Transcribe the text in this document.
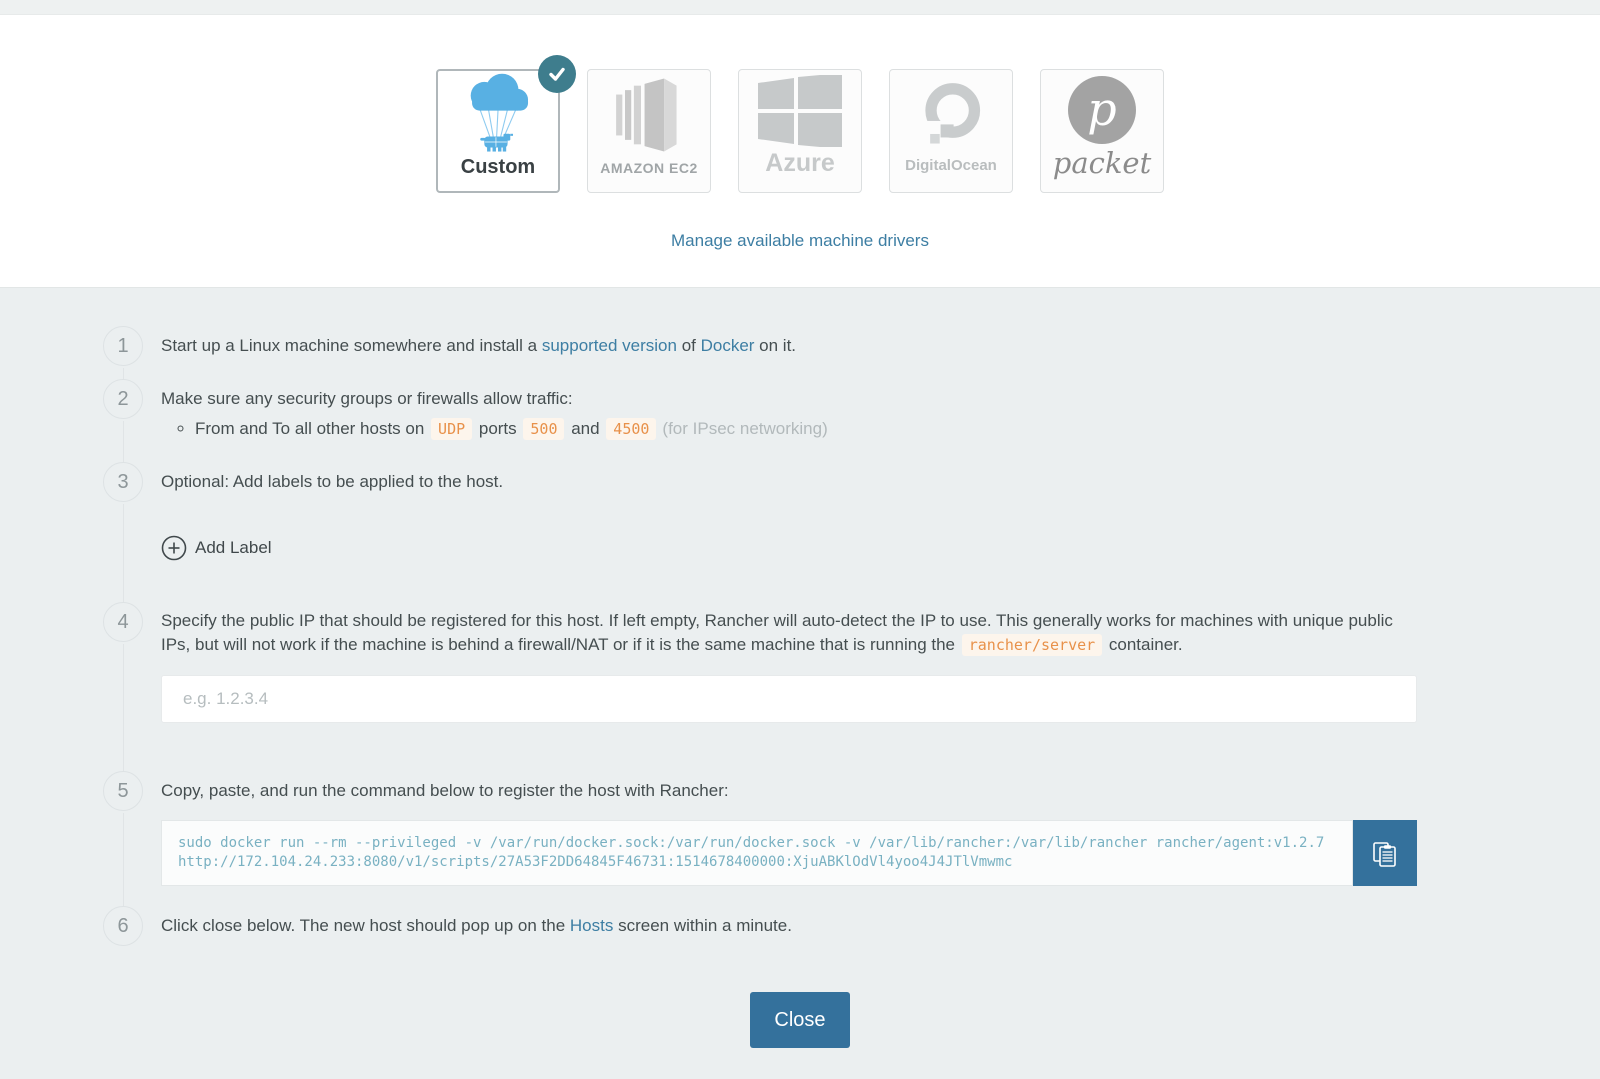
Custom	AMAZON EC2	Azure	DigitalOcean
p
packet
Manage available machine drivers
1	Start up a Linux machine somewhere and install a supported version of Docker on it.
2	Make sure any security groups or firewalls allow traffic:
◦ From and To all other hosts on UDP ports 500 and 4500 (for IPsec networking)
3	Optional: Add labels to be applied to the host.
Add Label
4	Specify the public IP that should be registered for this host. If left empty, Rancher will auto-detect the IP to use. This generally works for machines with unique public IPs, but will not work if the machine is behind a firewall/NAT or if it is the same machine that is running the rancher/server container.
e.g. 1.2.3.4
5	Copy, paste, and run the command below to register the host with Rancher:
sudo docker run --rm --privileged -v /var/run/docker.sock:/var/run/docker.sock -v /var/lib/rancher:/var/lib/rancher rancher/agent:v1.2.7 http://172.104.24.233:8080/v1/scripts/27A53F2DD64845F46731:1514678400000:XjuABKlOdVl4yoo4J4JTlVmwmc
6	Click close below. The new host should pop up on the Hosts screen within a minute.
Close
